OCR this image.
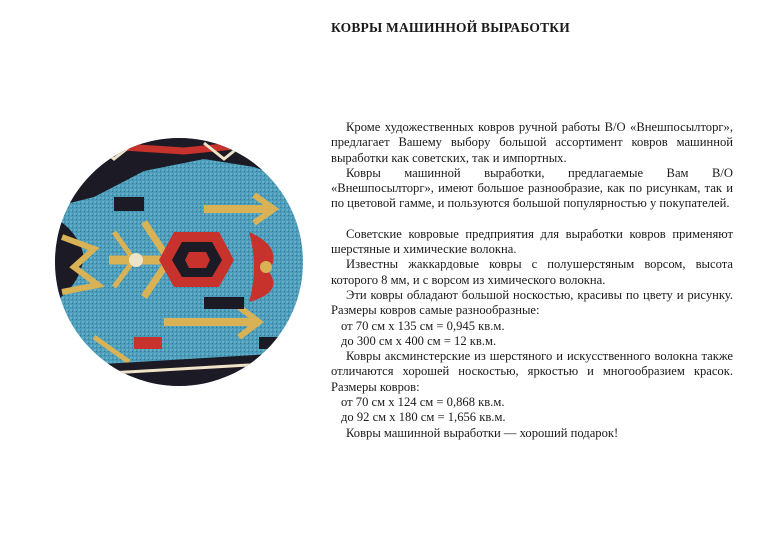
КОВРЫ МАШИННОЙ ВЫРАБОТКИ

Кроме художественных ковров ручной работы В/О «Внешпосылторг», предлагает Вашему выбору большой ассортимент ковров машинной выработки как советских, так и импортных.

Ковры машинной выработки, предлагаемые Вам В/О «Внешпосылторг», имеют большое разнообразие, как по рисункам, так и по цветовой гамме, и пользуются большой популярностью у покупателей.

Советские ковровые предприятия для выработки ковров применяют шерстяные и химические волокна.

Известны жаккардовые ковры с полушерстяным ворсом, высота которого 8 мм, и с ворсом из химического волокна.

Эти ковры обладают большой носкостью, красивы по цвету и рисунку. Размеры ковров самые разнообразные:

от 70 см х 135 см = 0,945 кв.м.

до 300 см х 400 см = 12 кв.м.

Ковры аксминстерские из шерстяного и искусственного волокна также отличаются хорошей носкостью, яркостью и многообразием красок. Размеры ковров:

от 70 см х 124 см = 0,868 кв.м.

до 92 см х 180 см = 1,656 кв.м.

Ковры машинной выработки — хороший подарок!
